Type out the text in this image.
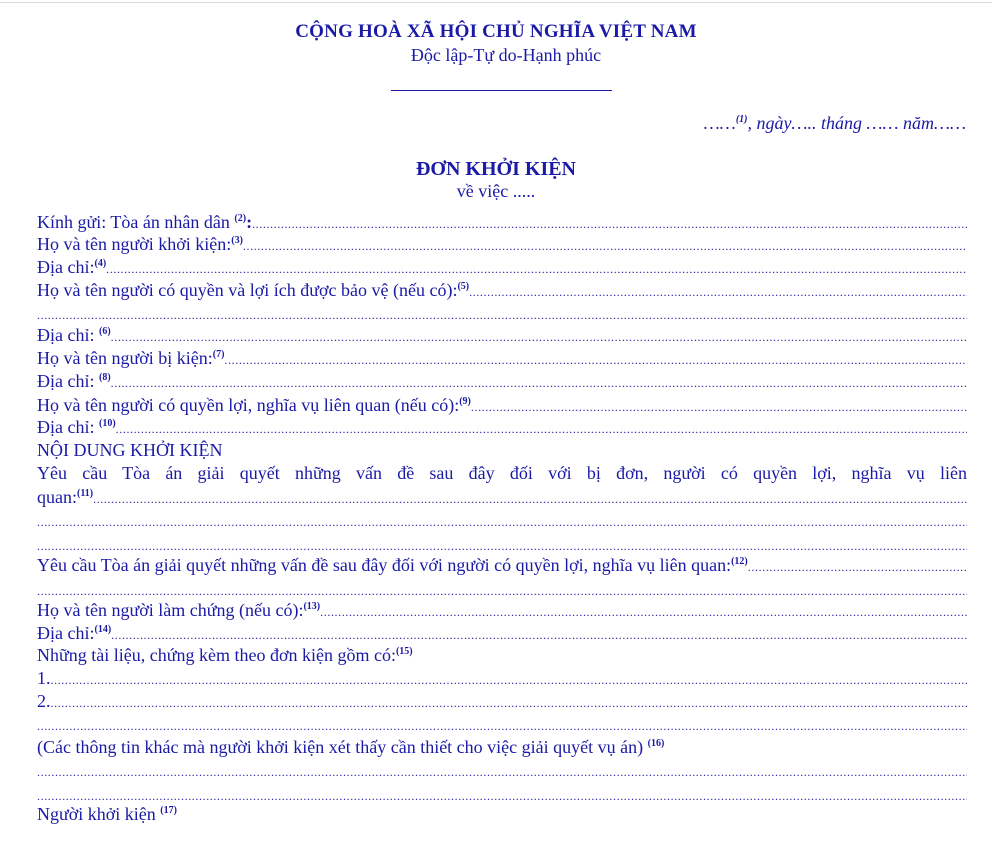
CỘNG HOÀ XÃ HỘI CHỦ NGHĨA VIỆT NAM
Độc lập-Tự do-Hạnh phúc
……$^{(1)}$, ngày….. tháng …… năm……
ĐƠN KHỞI KIỆN
về việc .....
Kính gửi: Tòa án nhân dân $^{(2)}$:
.....
Họ và tên người khởi kiện:$^{(3)}$
.....
Địa chỉ:$^{(4)}$
.....
Họ và tên người có quyền và lợi ích được bảo vệ (nếu có):$^{(5)}$
.....
.....
Địa chỉ: $^{(6)}$
.....
Họ và tên người bị kiện:$^{(7)}$
.....
Địa chỉ: $^{(8)}$
.....
Họ và tên người có quyền lợi, nghĩa vụ liên quan (nếu có):$^{(9)}$
.....
Địa chỉ: $^{(10)}$
.....
NỘI DUNG KHỞI KIỆN
Yêu cầu Tòa án giải quyết những vấn đề sau đây đối với bị đơn, người có quyền lợi, nghĩa vụ liên
quan:$^{(11)}$
.....
.....
.....
Yêu cầu Tòa án giải quyết những vấn đề sau đây đối với người có quyền lợi, nghĩa vụ liên quan:$^{(12)}$
.....
.....
Họ và tên người làm chứng (nếu có):$^{(13)}$
.....
Địa chỉ:$^{(14)}$
.....
Những tài liệu, chứng kèm theo đơn kiện gồm có:$^{(15)}$
1.
.....
2.
.....
.....
(Các thông tin khác mà người khởi kiện xét thấy cần thiết cho việc giải quyết vụ án) $^{(16)}$
.....
.....
Người khởi kiện $^{(17)}$
